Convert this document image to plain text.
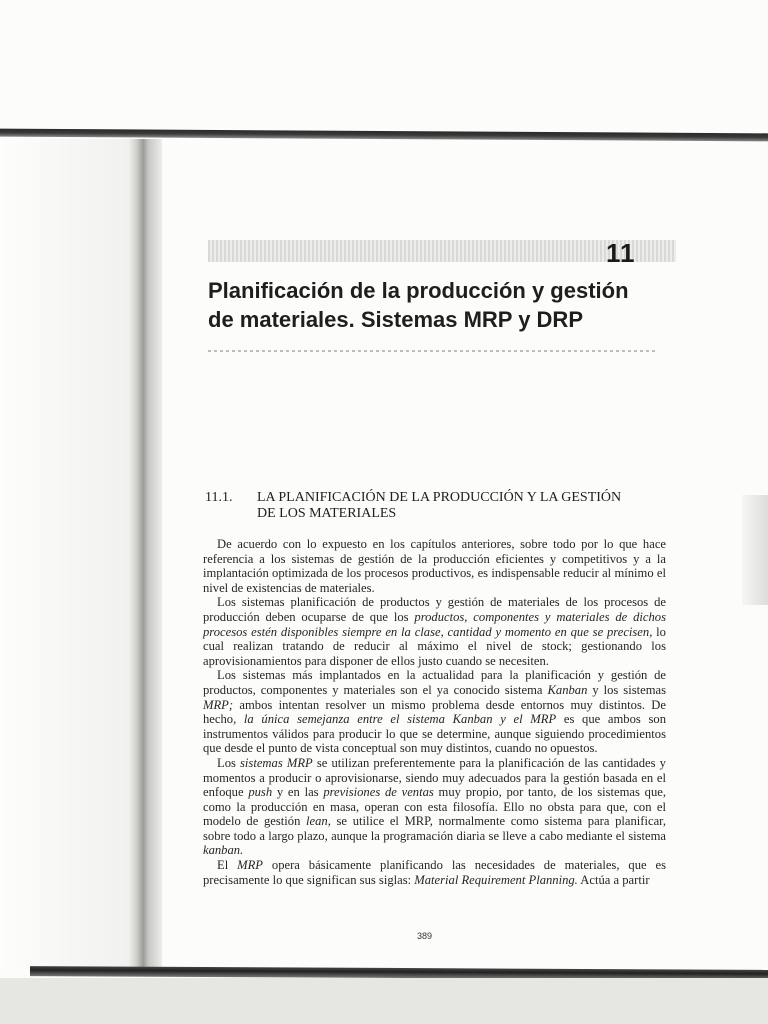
11
Planificación de la producción y gestión de materiales. Sistemas MRP y DRP
11.1. LA PLANIFICACIÓN DE LA PRODUCCIÓN Y LA GESTIÓN
DE LOS MATERIALES

De acuerdo con lo expuesto en los capítulos anteriores, sobre todo por lo que hace referencia a los sistemas de gestión de la producción eficientes y competitivos y a la implantación optimizada de los procesos productivos, es indispensable reducir al mínimo el nivel de existencias de materiales.

Los sistemas planificación de productos y gestión de materiales de los procesos de producción deben ocuparse de que los productos, componentes y materiales de dichos procesos estén disponibles siempre en la clase, cantidad y momento en que se precisen, lo cual realizan tratando de reducir al máximo el nivel de stock; gestionando los aprovisionamientos para disponer de ellos justo cuando se necesiten.

Los sistemas más implantados en la actualidad para la planificación y gestión de productos, componentes y materiales son el ya conocido sistema Kanban y los sistemas MRP; ambos intentan resolver un mismo problema desde entornos muy distintos. De hecho, la única semejanza entre el sistema Kanban y el MRP es que ambos son instrumentos válidos para producir lo que se determine, aunque siguiendo procedimientos que desde el punto de vista conceptual son muy distintos, cuando no opuestos.

Los sistemas MRP se utilizan preferentemente para la planificación de las cantidades y momentos a producir o aprovisionarse, siendo muy adecuados para la gestión basada en el enfoque push y en las previsiones de ventas muy propio, por tanto, de los sistemas que, como la producción en masa, operan con esta filosofía. Ello no obsta para que, con el modelo de gestión lean, se utilice el MRP, normalmente como sistema para planificar, sobre todo a largo plazo, aunque la programación diaria se lleve a cabo mediante el sistema kanban.

El MRP opera básicamente planificando las necesidades de materiales, que es precisamente lo que significan sus siglas: Material Requirement Planning. Actúa a partir

389
